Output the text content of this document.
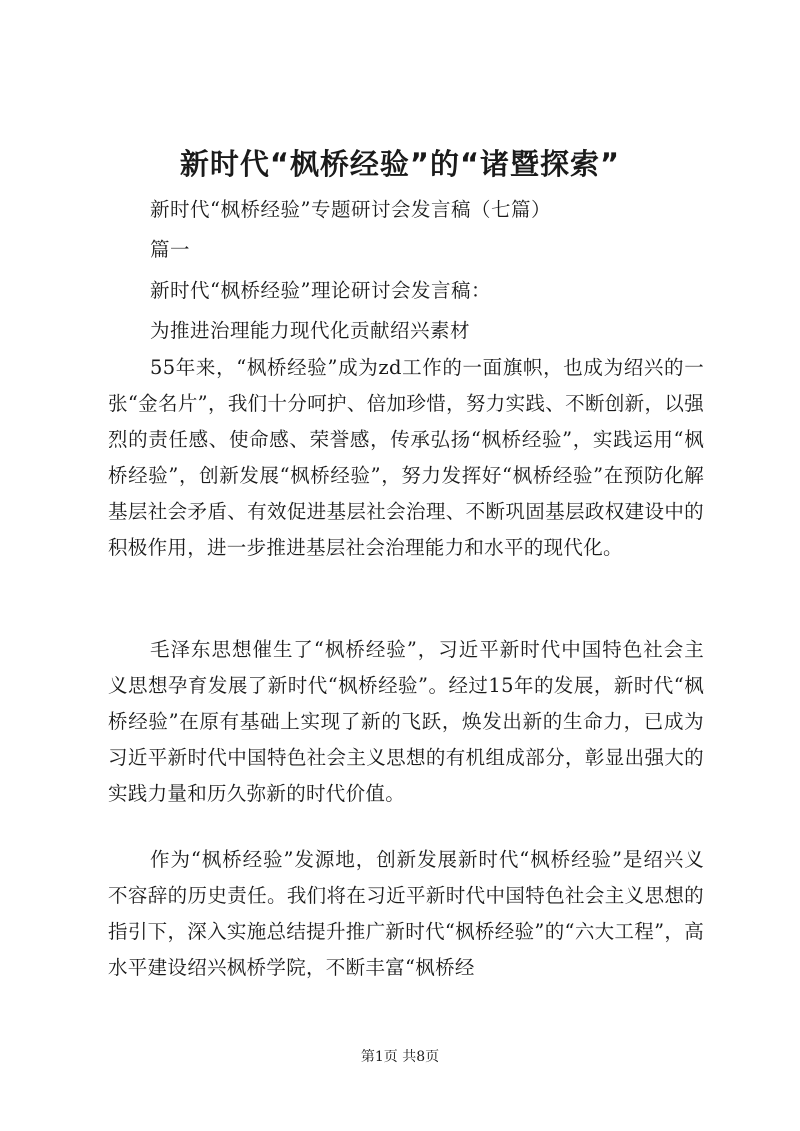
新时代“枫桥经验”的“诸暨探索”
新时代“枫桥经验”专题研讨会发言稿（七篇）
篇一
新时代“枫桥经验”理论研讨会发言稿：
为推进治理能力现代化贡献绍兴素材
55年来，“枫桥经验”成为zd工作的一面旗帜，也成为绍兴的一张“金名片”，我们十分呵护、倍加珍惜，努力实践、不断创新，以强烈的责任感、使命感、荣誉感，传承弘扬“枫桥经验”，实践运用“枫桥经验”，创新发展“枫桥经验”，努力发挥好“枫桥经验”在预防化解基层社会矛盾、有效促进基层社会治理、不断巩固基层政权建设中的积极作用，进一步推进基层社会治理能力和水平的现代化。
毛泽东思想催生了“枫桥经验”，习近平新时代中国特色社会主义思想孕育发展了新时代“枫桥经验”。经过15年的发展，新时代“枫桥经验”在原有基础上实现了新的飞跃，焕发出新的生命力，已成为习近平新时代中国特色社会主义思想的有机组成部分，彰显出强大的实践力量和历久弥新的时代价值。
作为“枫桥经验”发源地，创新发展新时代“枫桥经验”是绍兴义不容辞的历史责任。我们将在习近平新时代中国特色社会主义思想的指引下，深入实施总结提升推广新时代“枫桥经验”的“六大工程”，高水平建设绍兴枫桥学院，不断丰富“枫桥经
第1页 共8页
